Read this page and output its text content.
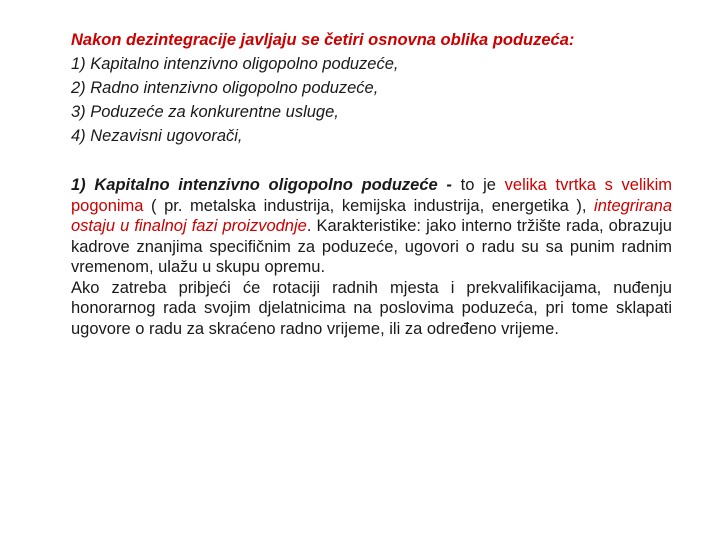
Nakon dezintegracije javljaju se četiri osnovna oblika poduzeća:
1) Kapitalno intenzivno oligopolno poduzeće,
2) Radno intenzivno oligopolno poduzeće,
3) Poduzeće za konkurentne usluge,
4) Nezavisni ugovorači,

1) Kapitalno intenzivno oligopolno poduzeće - to je velika tvrtka s velikim pogonima ( pr. metalska industrija, kemijska industrija, energetika ), integrirana ostaju u finalnoj fazi proizvodnje. Karakteristike: jako interno tržište rada, obrazuju kadrove znanjima specifičnim za poduzeće, ugovori o radu su sa punim radnim vremenom, ulažu u skupu opremu.

Ako zatreba pribjeći će rotaciji radnih mjesta i prekvalifikacijama, nuđenju honorarnog rada svojim djelatnicima na poslovima poduzeća, pri tome sklapati ugovore o radu za skraćeno radno vrijeme, ili za određeno vrijeme.
